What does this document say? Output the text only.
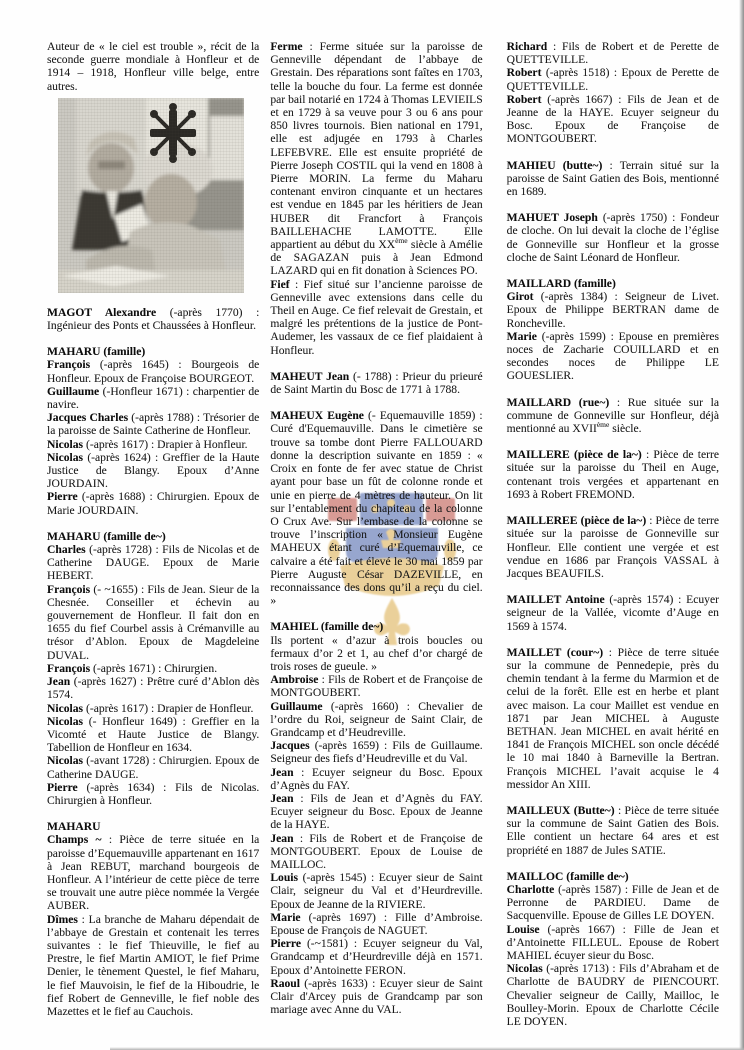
Auteur de « le ciel est trouble », récit de la seconde guerre mondiale à Honfleur et de 1914 – 1918, Honfleur ville belge, entre autres.

MAGOT Alexandre (-après 1770) : Ingénieur des Ponts et Chaussées à Honfleur.

MAHARU (famille)

François (-après 1645) : Bourgeois de Honfleur. Epoux de Françoise BOURGEOT.

Guillaume (-Honfleur 1671) : charpentier de navire.

Jacques Charles (-après 1788) : Trésorier de la paroisse de Sainte Catherine de Honfleur.

Nicolas (-après 1617) : Drapier à Honfleur.

Nicolas (-après 1624) : Greffier de la Haute Justice de Blangy. Epoux d’Anne JOURDAIN.

Pierre (-après 1688) : Chirurgien. Epoux de Marie JOURDAIN.

MAHARU (famille de~)

Charles (-après 1728) : Fils de Nicolas et de Catherine DAUGE. Epoux de Marie HEBERT.

François (- ~1655) : Fils de Jean. Sieur de la Chesnée. Conseiller et échevin au gouvernement de Honfleur. Il fait don en 1655 du fief Courbel assis à Crémanville au trésor d’Ablon. Epoux de Magdeleine DUVAL.

François (-après 1671) : Chirurgien.

Jean (-après 1627) : Prêtre curé d’Ablon dès 1574.

Nicolas (-après 1617) : Drapier de Honfleur.

Nicolas (- Honfleur 1649) : Greffier en la Vicomté et Haute Justice de Blangy. Tabellion de Honfleur en 1634.

Nicolas (-avant 1728) : Chirurgien. Epoux de Catherine DAUGE.

Pierre (-après 1634) : Fils de Nicolas. Chirurgien à Honfleur.

MAHARU

Champs ~ : Pièce de terre située en la paroisse d’Equemauville appartenant en 1617 à Jean REBUT, marchand bourgeois de Honfleur. A l’intérieur de cette pièce de terre se trouvait une autre pièce nommée la Vergée AUBER.

Dîmes : La branche de Maharu dépendait de l’abbaye de Grestain et contenait les terres suivantes : le fief Thieuville, le fief au Prestre, le fief Martin AMIOT, le fief Prime Denier, le tènement Questel, le fief Maharu, le fief Mauvoisin, le fief de la Hiboudrie, le fief Robert de Genneville, le fief noble des Mazettes et le fief au Cauchois.

Ferme : Ferme située sur la paroisse de Genneville dépendant de l’abbaye de Grestain. Des réparations sont faîtes en 1703, telle la bouche du four. La ferme est donnée par bail notarié en 1724 à Thomas LEVIEILS et en 1729 à sa veuve pour 3 ou 6 ans pour 850 livres tournois. Bien national en 1791, elle est adjugée en 1793 à Charles LEFEBVRE. Elle est ensuite propriété de Pierre Joseph COSTIL qui la vend en 1808 à Pierre MORIN. La ferme du Maharu contenant environ cinquante et un hectares est vendue en 1845 par les héritiers de Jean HUBER dit Francfort à François BAILLEHACHE LAMOTTE. Elle appartient au début du XXème siècle à Amélie de SAGAZAN puis à Jean Edmond LAZARD qui en fit donation à Sciences PO.

Fief : Fief situé sur l’ancienne paroisse de Genneville avec extensions dans celle du Theil en Auge. Ce fief relevait de Grestain, et malgré les prétentions de la justice de Pont-Audemer, les vassaux de ce fief plaidaient à Honfleur.

MAHEUT Jean (- 1788) : Prieur du prieuré de Saint Martin du Bosc de 1771 à 1788.

MAHEUX Eugène (- Equemauville 1859) : Curé d'Equemauville. Dans le cimetière se trouve sa tombe dont Pierre FALLOUARD donne la description suivante en 1859 : « Croix en fonte de fer avec statue de Christ ayant pour base un fût de colonne ronde et unie en pierre de 4 mètres de hauteur. On lit sur l’entablement du chapiteau de la colonne O Crux Ave. Sur l’embase de la colonne se trouve l’inscription « Monsieur Eugène MAHEUX étant curé d’Equemauville, ce calvaire a été fait et élevé le 30 mai 1859 par Pierre Auguste César DAZEVILLE, en reconnaissance des dons qu’il a reçu du ciel. »

MAHIEL (famille de~)

Ils portent « d’azur à trois boucles ou fermaux d’or 2 et 1, au chef d’or chargé de trois roses de gueule. »

Ambroise : Fils de Robert et de Françoise de MONTGOUBERT.

Guillaume (-après 1660) : Chevalier de l’ordre du Roi, seigneur de Saint Clair, de Grandcamp et d’Heudreville.

Jacques (-après 1659) : Fils de Guillaume. Seigneur des fiefs d’Heudreville et du Val.

Jean : Ecuyer seigneur du Bosc. Epoux d’Agnès du FAY.

Jean : Fils de Jean et d’Agnès du FAY. Ecuyer seigneur du Bosc. Epoux de Jeanne de la HAYE.

Jean : Fils de Robert et de Françoise de MONTGOUBERT. Epoux de Louise de MAILLOC.

Louis (-après 1545) : Ecuyer sieur de Saint Clair, seigneur du Val et d’Heurdreville. Epoux de Jeanne de la RIVIERE.

Marie (-après 1697) : Fille d’Ambroise. Epouse de François de NAGUET.

Pierre (-~1581) : Ecuyer seigneur du Val, Grandcamp et d’Heurdreville déjà en 1571. Epoux d’Antoinette FERON.

Raoul (-après 1633) : Ecuyer sieur de Saint Clair d'Arcey puis de Grandcamp par son mariage avec Anne du VAL.

Richard : Fils de Robert et de Perette de QUETTEVILLE.

Robert (-après 1518) : Epoux de Perette de QUETTEVILLE.

Robert (-après 1667) : Fils de Jean et de Jeanne de la HAYE. Ecuyer seigneur du Bosc. Epoux de Françoise de MONTGOUBERT.

MAHIEU (butte~) : Terrain situé sur la paroisse de Saint Gatien des Bois, mentionné en 1689.

MAHUET Joseph (-après 1750) : Fondeur de cloche. On lui devait la cloche de l’église de Gonneville sur Honfleur et la grosse cloche de Saint Léonard de Honfleur.

MAILLARD (famille)

Girot (-après 1384) : Seigneur de Livet. Epoux de Philippe BERTRAN dame de Roncheville.

Marie (-après 1599) : Epouse en premières noces de Zacharie COUILLARD et en secondes noces de Philippe LE GOUESLIER.

MAILLARD (rue~) : Rue située sur la commune de Gonneville sur Honfleur, déjà mentionné au XVIIème siècle.

MAILLERE (pièce de la~) : Pièce de terre située sur la paroisse du Theil en Auge, contenant trois vergées et appartenant en 1693 à Robert FREMOND.

MAILLEREE (pièce de la~) : Pièce de terre située sur la paroisse de Gonneville sur Honfleur. Elle contient une vergée et est vendue en 1686 par François VASSAL à Jacques BEAUFILS.

MAILLET Antoine (-après 1574) : Ecuyer seigneur de la Vallée, vicomte d’Auge en 1569 à 1574.

MAILLET (cour~) : Pièce de terre située sur la commune de Pennedepie, près du chemin tendant à la ferme du Marmion et de celui de la forêt. Elle est en herbe et plant avec maison. La cour Maillet est vendue en 1871 par Jean MICHEL à Auguste BETHAN. Jean MICHEL en avait hérité en 1841 de François MICHEL son oncle décédé le 10 mai 1840 à Barneville la Bertran. François MICHEL l’avait acquise le 4 messidor An XIII.

MAILLEUX (Butte~) : Pièce de terre située sur la commune de Saint Gatien des Bois. Elle contient un hectare 64 ares et est propriété en 1887 de Jules SATIE.

MAILLOC (famille de~)

Charlotte (-après 1587) : Fille de Jean et de Perronne de PARDIEU. Dame de Sacquenville. Epouse de Gilles LE DOYEN.

Louise (-après 1667) : Fille de Jean et d’Antoinette FILLEUL. Epouse de Robert MAHIEL écuyer sieur du Bosc.

Nicolas (-après 1713) : Fils d’Abraham et de Charlotte de BAUDRY de PIENCOURT. Chevalier seigneur de Cailly, Mailloc, le Boulley-Morin. Epoux de Charlotte Cécile LE DOYEN.
